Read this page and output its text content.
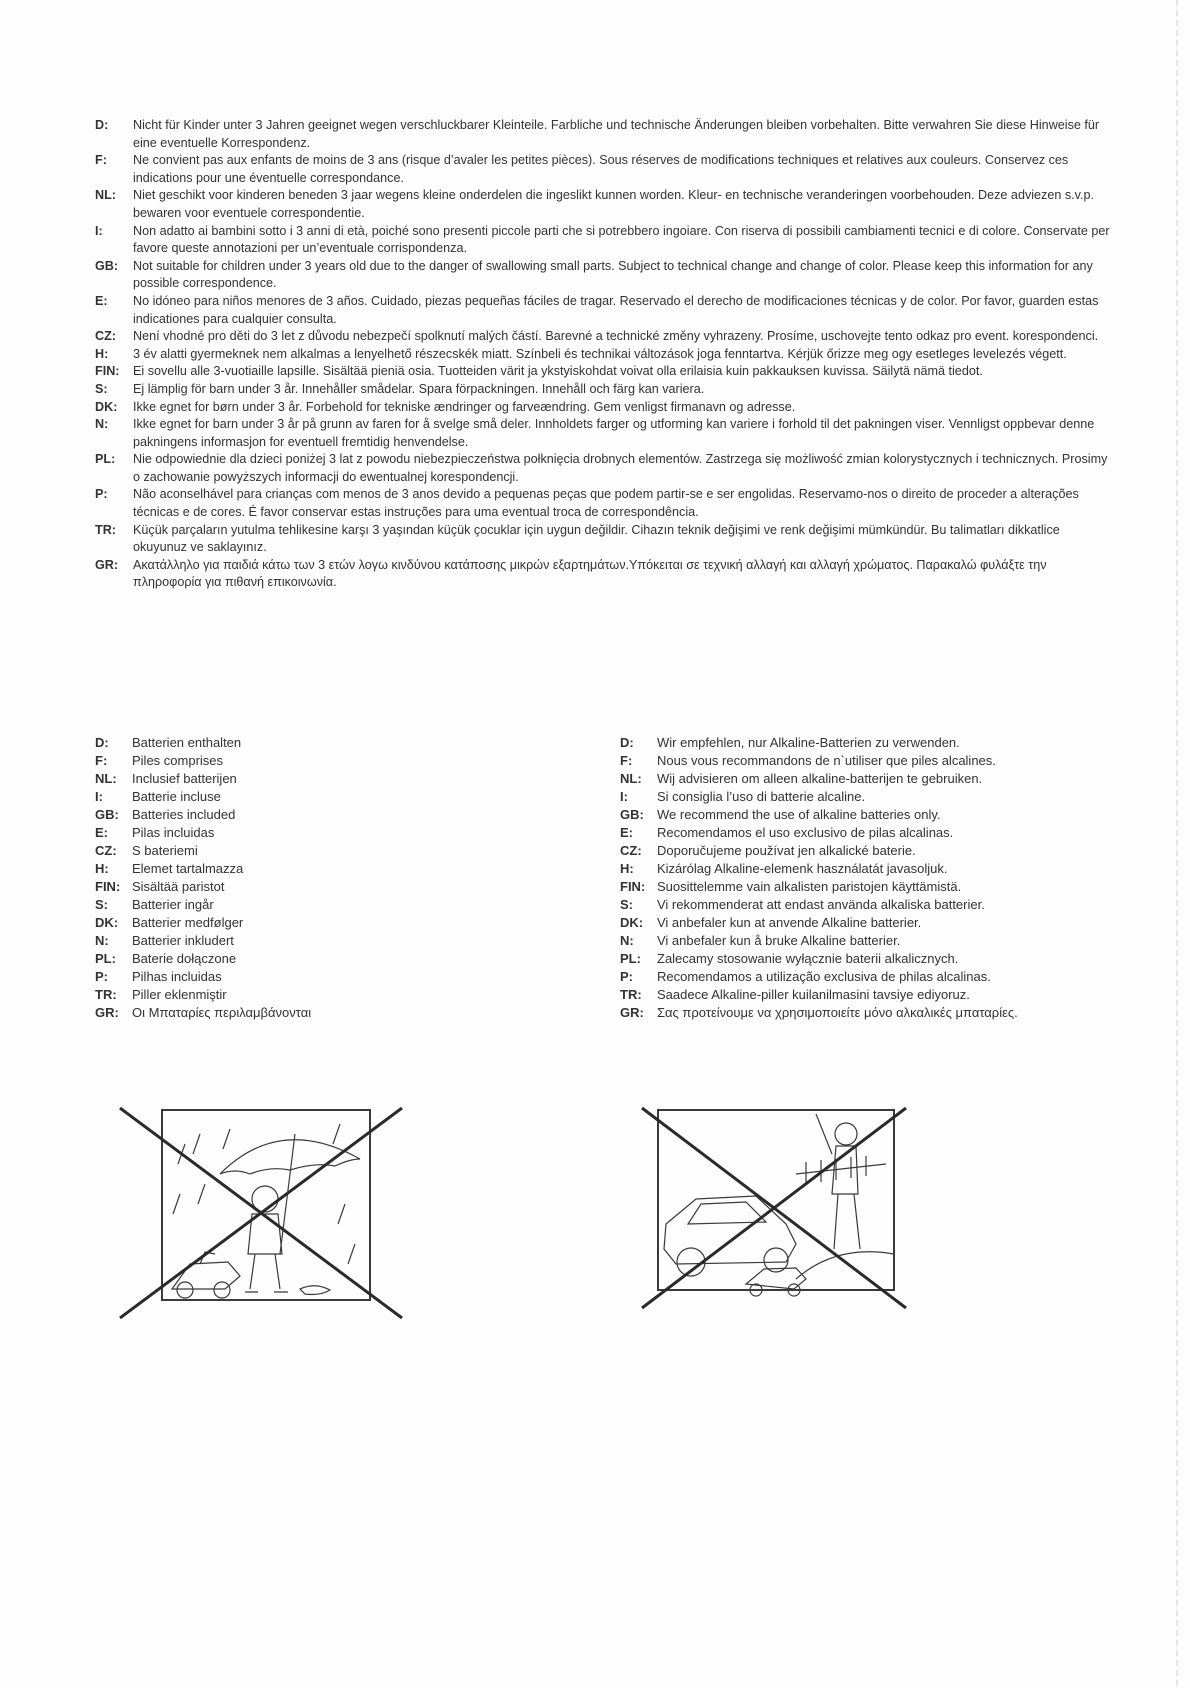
D:	Nicht für Kinder unter 3 Jahren geeignet wegen verschluckbarer Kleinteile. Farbliche und technische Änderungen bleiben vorbehalten. Bitte verwahren Sie diese Hinweise für eine eventuelle Korrespondenz.
F:	Ne convient pas aux enfants de moins de 3 ans (risque d’avaler les petites pièces). Sous réserves de modifications techniques et relatives aux couleurs. Conservez ces indications pour une éventuelle correspondance.
NL:	Niet geschikt voor kinderen beneden 3 jaar wegens kleine onderdelen die ingeslikt kunnen worden. Kleur- en technische veranderingen voorbehouden. Deze adviezen s.v.p. bewaren voor eventuele correspondentie.
I:	Non adatto ai bambini sotto i 3 anni di età, poiché sono presenti piccole parti che si potrebbero ingoiare. Con riserva di possibili cambiamenti tecnici e di colore. Conservate per favore queste annotazioni per un’eventuale corrispondenza.
GB:	Not suitable for children under 3 years old due to the danger of swallowing small parts. Subject to technical change and change of color. Please keep this information for any possible correspondence.
E:	No idóneo para niños menores de 3 años. Cuidado, piezas pequeñas fáciles de tragar. Reservado el derecho de modificaciones técnicas y de color. Por favor, guarden estas indicationes para cualquier consulta.
CZ:	Není vhodné pro děti do 3 let z důvodu nebezpečí spolknutí malých částí. Barevné a technické změny vyhrazeny. Prosíme, uschovejte tento odkaz pro event. korespondenci.
H:	3 év alatti gyermeknek nem alkalmas a lenyelhető részecskék miatt. Színbeli és technikai változások joga fenntartva. Kérjük őrizze meg ogy esetleges levelezés végett.
FIN:	Ei sovellu alle 3-vuotiaille lapsille. Sisältää pieniä osia. Tuotteiden värit ja ykstyiskohdat voivat olla erilaisia kuin pakkauksen kuvissa. Säilytä nämä tiedot.
S:	Ej lämplig för barn under 3 år. Innehåller smådelar. Spara förpackningen. Innehåll och färg kan variera.
DK:	Ikke egnet for børn under 3 år. Forbehold for tekniske ændringer og farveændring. Gem venligst firmanavn og adresse.
N:	Ikke egnet for barn under 3 år på grunn av faren for å svelge små deler. Innholdets farger og utforming kan variere i forhold til det pakningen viser. Vennligst oppbevar denne pakningens informasjon for eventuell fremtidig henvendelse.
PL:	Nie odpowiednie dla dzieci poniżej 3 lat z powodu niebezpieczeństwa połknięcia drobnych elementów. Zastrzega się możliwość zmian kolorystycznych i technicznych. Prosimy o zachowanie powyższych informacji do ewentualnej korespondencji.
P:	Não aconselhável para crianças com menos de 3 anos devido a pequenas peças que podem partir-se e ser engolidas. Reservamo-nos o direito de proceder a alterações técnicas e de cores. É favor conservar estas instruções para uma eventual troca de correspondência.
TR:	Küçük parçaların yutulma tehlikesine karşı 3 yaşından küçük çocuklar için uygun değildir. Cihazın teknik değişimi ve renk değişimi mümkündür. Bu talimatları dikkatlice okuyunuz ve saklayınız.
GR:	Ακατάλληλο για παιδιά κάτω των 3 ετών λογω κινδύνου κατάποσης μικρών εξαρτημάτων.Υπόκειται σε τεχνική αλλαγή και αλλαγή χρώματος. Παρακαλώ φυλάξτε την πληροφορία για πιθανή επικοινωνία.
D:	Batterien enthalten
F:	Piles comprises
NL:	Inclusief batterijen
I:	Batterie incluse
GB:	Batteries included
E:	Pilas incluidas
CZ:	S bateriemi
H:	Elemet tartalmazza
FIN: Sisältää paristot
S:	Batterier ingår
DK:	Batterier medfølger
N:	Batterier inkludert
PL:	Baterie dołączone
P:	Pilhas incluidas
TR:	Piller eklenmiştir
GR:	Οι Μπαταρίες περιλαμβάνονται
D:	Wir empfehlen, nur Alkaline-Batterien zu verwenden.
F:	Nous vous recommandons de n`utiliser que piles alcalines.
NL:	Wij advisieren om alleen alkaline-batterijen te gebruiken.
I:	Si consiglia l’uso di batterie alcaline.
GB:	We recommend the use of alkaline batteries only.
E:	Recomendamos el uso exclusivo de pilas alcalinas.
CZ:	Doporučujeme používat jen alkalické baterie.
H:	Kizárólag Alkaline-elemenk használatát javasoljuk.
FIN: Suosittelemme vain alkalisten paristojen käyttämistä.
S:	Vi rekommenderat att endast använda alkaliska batterier.
DK:	Vi anbefaler kun at anvende Alkaline batterier.
N:	Vi anbefaler kun å bruke Alkaline batterier.
PL:	Zalecamy stosowanie wyłącznie baterii alkalicznych.
P:	Recomendamos a utilização exclusiva de philas alcalinas.
TR:	Saadece Alkaline-piller kuilanilmasini tavsiye ediyoruz.
GR:	Σας προτείνουμε να χρησιμοποιείτε μόνο αλκαλικές μπαταρίες.
